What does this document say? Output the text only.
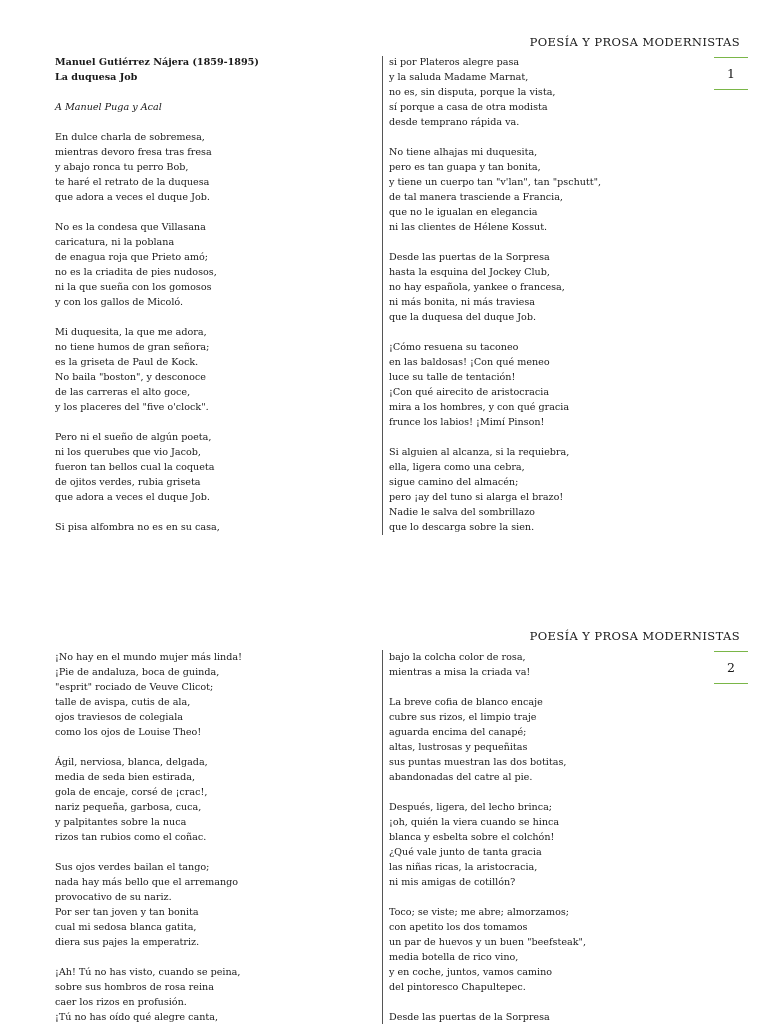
POESÍA Y PROSA MODERNISTAS
1
Manuel Gutiérrez Nájera (1859-1895)
La duquesa Job
A Manuel Puga y Acal
En dulce charla de sobremesa,
mientras devoro fresa tras fresa
y abajo ronca tu perro Bob,
te haré el retrato de la duquesa
que adora a veces el duque Job.
No es la condesa que Villasana
caricatura, ni la poblana
de enagua roja que Prieto amó;
no es la criadita de pies nudosos,
ni la que sueña con los gomosos
y con los gallos de Micoló.
Mi duquesita, la que me adora,
no tiene humos de gran señora;
es la griseta de Paul de Kock.
No baila "boston", y desconoce
de las carreras el alto goce,
y los placeres del "five o'clock".
Pero ni el sueño de algún poeta,
ni los querubes que vio Jacob,
fueron tan bellos cual la coqueta
de ojitos verdes, rubia griseta
que adora a veces el duque Job.
Si pisa alfombra no es en su casa,
si por Plateros alegre pasa
y la saluda Madame Marnat,
no es, sin disputa, porque la vista,
sí porque a casa de otra modista
desde temprano rápida va.
No tiene alhajas mi duquesita,
pero es tan guapa y tan bonita,
y tiene un cuerpo tan "v'lan", tan "pschutt",
de tal manera trasciende a Francia,
que no le igualan en elegancia
ni las clientes de Hélene Kossut.
Desde las puertas de la Sorpresa
hasta la esquina del Jockey Club,
no hay española, yankee o francesa,
ni más bonita, ni más traviesa
que la duquesa del duque Job.
¡Cómo resuena su taconeo
en las baldosas! ¡Con qué meneo
luce su talle de tentación!
¡Con qué airecito de aristocracia
mira a los hombres, y con qué gracia
frunce los labios! ¡Mimí Pinson!
Si alguien al alcanza, si la requiebra,
ella, ligera como una cebra,
sigue camino del almacén;
pero ¡ay del tuno si alarga el brazo!
Nadie le salva del sombrillazo
que lo descarga sobre la sien.
POESÍA Y PROSA MODERNISTAS
2
¡No hay en el mundo mujer más linda!
¡Pie de andaluza, boca de guinda,
"esprit" rociado de Veuve Clicot;
talle de avispa, cutis de ala,
ojos traviesos de colegiala
como los ojos de Louise Theo!
Ágil, nerviosa, blanca, delgada,
media de seda bien estirada,
gola de encaje, corsé de ¡crac!,
nariz pequeña, garbosa, cuca,
y palpitantes sobre la nuca
rizos tan rubios como el coñac.
Sus ojos verdes bailan el tango;
nada hay más bello que el arremango
provocativo de su nariz.
Por ser tan joven y tan bonita
cual mi sedosa blanca gatita,
diera sus pajes la emperatriz.
¡Ah! Tú no has visto, cuando se peina,
sobre sus hombros de rosa reina
caer los rizos en profusión.
¡Tú no has oído qué alegre canta,
bajo la colcha color de rosa,
mientras a misa la criada va!
La breve cofia de blanco encaje
cubre sus rizos, el limpio traje
aguarda encima del canapé;
altas, lustrosas y pequeñitas
sus puntas muestran las dos botitas,
abandonadas del catre al pie.
Después, ligera, del lecho brinca;
¡oh, quién la viera cuando se hinca
blanca y esbelta sobre el colchón!
¿Qué vale junto de tanta gracia
las niñas ricas, la aristocracia,
ni mis amigas de cotillón?
Toco; se viste; me abre; almorzamos;
con apetito los dos tomamos
un par de huevos y un buen "beefsteak",
media botella de rico vino,
y en coche, juntos, vamos camino
del pintoresco Chapultepec.
Desde las puertas de la Sorpresa
